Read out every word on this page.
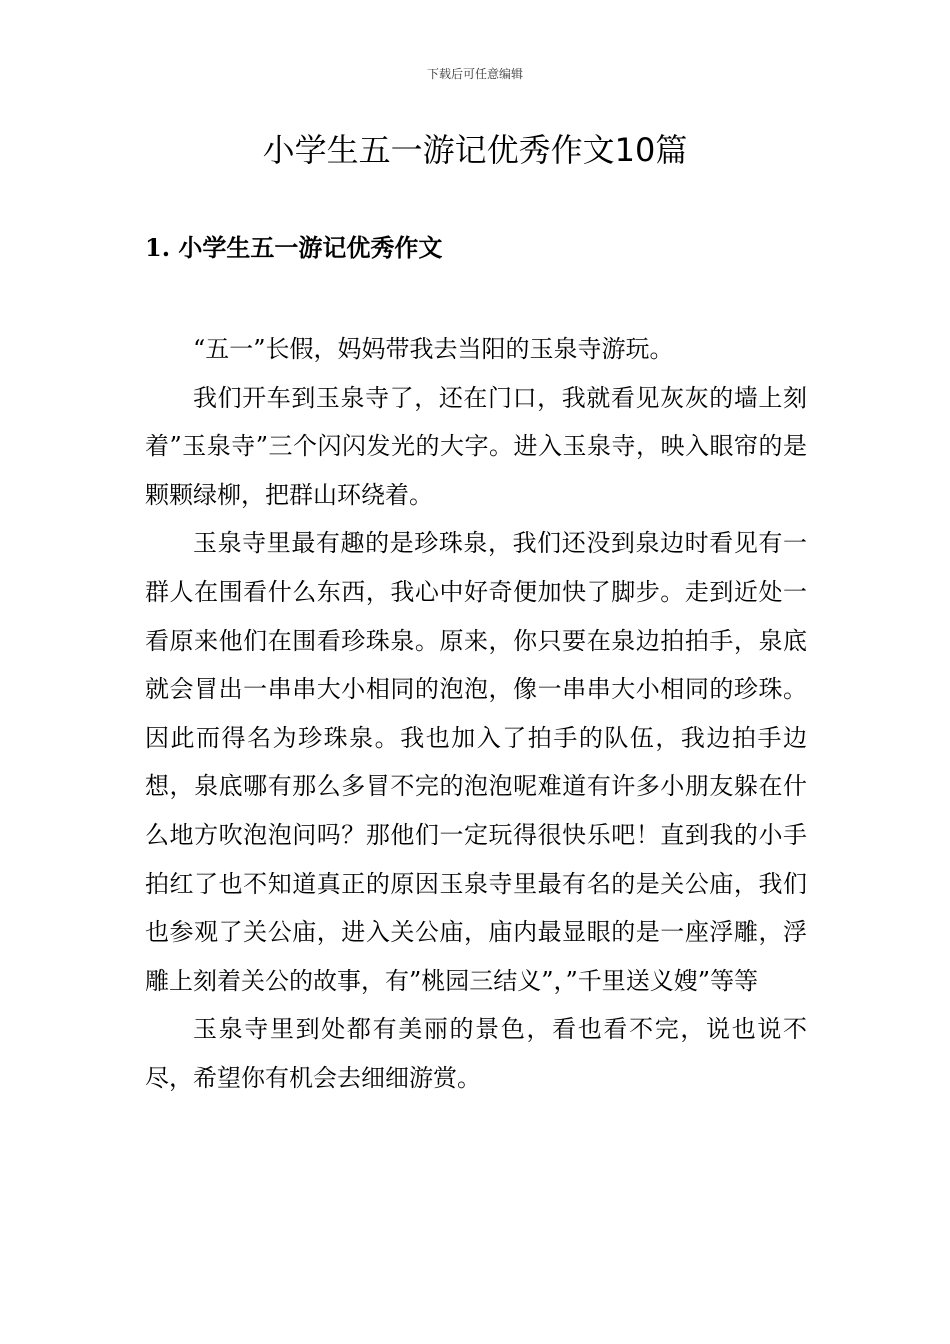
下载后可任意编辑
小学生五一游记优秀作文10篇
1. 小学生五一游记优秀作文

“五一”长假，妈妈带我去当阳的玉泉寺游玩。

我们开车到玉泉寺了，还在门口，我就看见灰灰的墙上刻着”玉泉寺”三个闪闪发光的大字。进入玉泉寺，映入眼帘的是颗颗绿柳，把群山环绕着。

玉泉寺里最有趣的是珍珠泉，我们还没到泉边时看见有一群人在围看什么东西，我心中好奇便加快了脚步。走到近处一看原来他们在围看珍珠泉。原来，你只要在泉边拍拍手，泉底就会冒出一串串大小相同的泡泡，像一串串大小相同的珍珠。因此而得名为珍珠泉。我也加入了拍手的队伍，我边拍手边想，泉底哪有那么多冒不完的泡泡呢难道有许多小朋友躲在什么地方吹泡泡问吗？那他们一定玩得很快乐吧！直到我的小手拍红了也不知道真正的原因玉泉寺里最有名的是关公庙，我们也参观了关公庙，进入关公庙，庙内最显眼的是一座浮雕，浮雕上刻着关公的故事，有”桃园三结义”，”千里送义嫂”等等

玉泉寺里到处都有美丽的景色，看也看不完，说也说不尽，希望你有机会去细细游赏。
